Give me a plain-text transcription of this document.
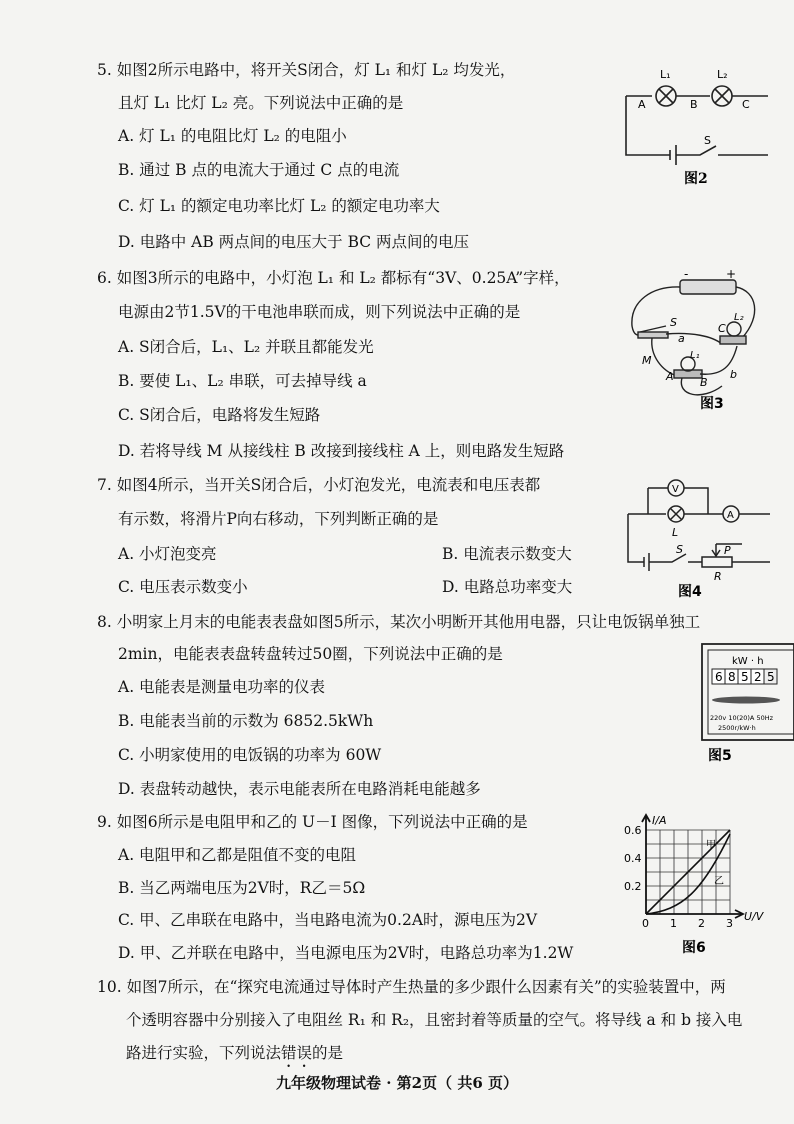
5. 如图2所示电路中，将开关S闭合，灯 L₁ 和灯 L₂ 均发光，
且灯 L₁ 比灯 L₂ 亮。下列说法中正确的是
A. 灯 L₁ 的电阻比灯 L₂ 的电阻小
B. 通过 B 点的电流大于通过 C 点的电流
C. 灯 L₁ 的额定电功率比灯 L₂ 的额定电功率大
D. 电路中 AB 两点间的电压大于 BC 两点间的电压
L₁	L₂
A	B	C
S
图2
6. 如图3所示的电路中，小灯泡 L₁ 和 L₂ 都标有“3V、0.25A”字样，
电源由2节1.5V的干电池串联而成，则下列说法中正确的是
A. S闭合后，L₁、L₂ 并联且都能发光
B. 要使 L₁、L₂ 串联，可去掉导线 a
C. S闭合后，电路将发生短路
D. 若将导线 M 从接线柱 B 改接到接线柱 A 上，则电路发生短路
-	+
S	C
L₂
L₁
a
M
A B
b
图3
7. 如图4所示，当开关S闭合后，小灯泡发光，电流表和电压表都
有示数，将滑片P向右移动，下列判断正确的是
A. 小灯泡变亮	B. 电流表示数变大
C. 电压表示数变小	D. 电路总功率变大
V
A
L
S	P
R
图4
8. 小明家上月末的电能表表盘如图5所示，某次小明断开其他用电器，只让电饭锅单独工
2min，电能表表盘转盘转过50圈，下列说法中正确的是
A. 电能表是测量电功率的仪表
B. 电能表当前的示数为 6852.5kWh
C. 小明家使用的电饭锅的功率为 60W
D. 表盘转动越快，表示电能表所在电路消耗电能越多
kW · h
6 8 5 2 5
220v 10(20)A 50Hz
2500r/kW·h
图5
9. 如图6所示是电阻甲和乙的 U－I 图像，下列说法中正确的是
A. 电阻甲和乙都是阻值不变的电阻
B. 当乙两端电压为2V时，R乙＝5Ω
C. 甲、乙串联在电路中，当电路电流为0.2A时，源电压为2V
D. 甲、乙并联在电路中，当电源电压为2V时，电路总功率为1.2W
I/A
U/V
0.6
0.4
0.2
0 1 2 3
甲
乙
图6
10. 如图7所示，在“探究电流通过导体时产生热量的多少跟什么因素有关”的实验装置中，两
个透明容器中分别接入了电阻丝 R₁ 和 R₂，且密封着等质量的空气。将导线 a 和 b 接入电
路进行实验，下列说法错误的是
九年级物理试卷 · 第2页（ 共6 页）
